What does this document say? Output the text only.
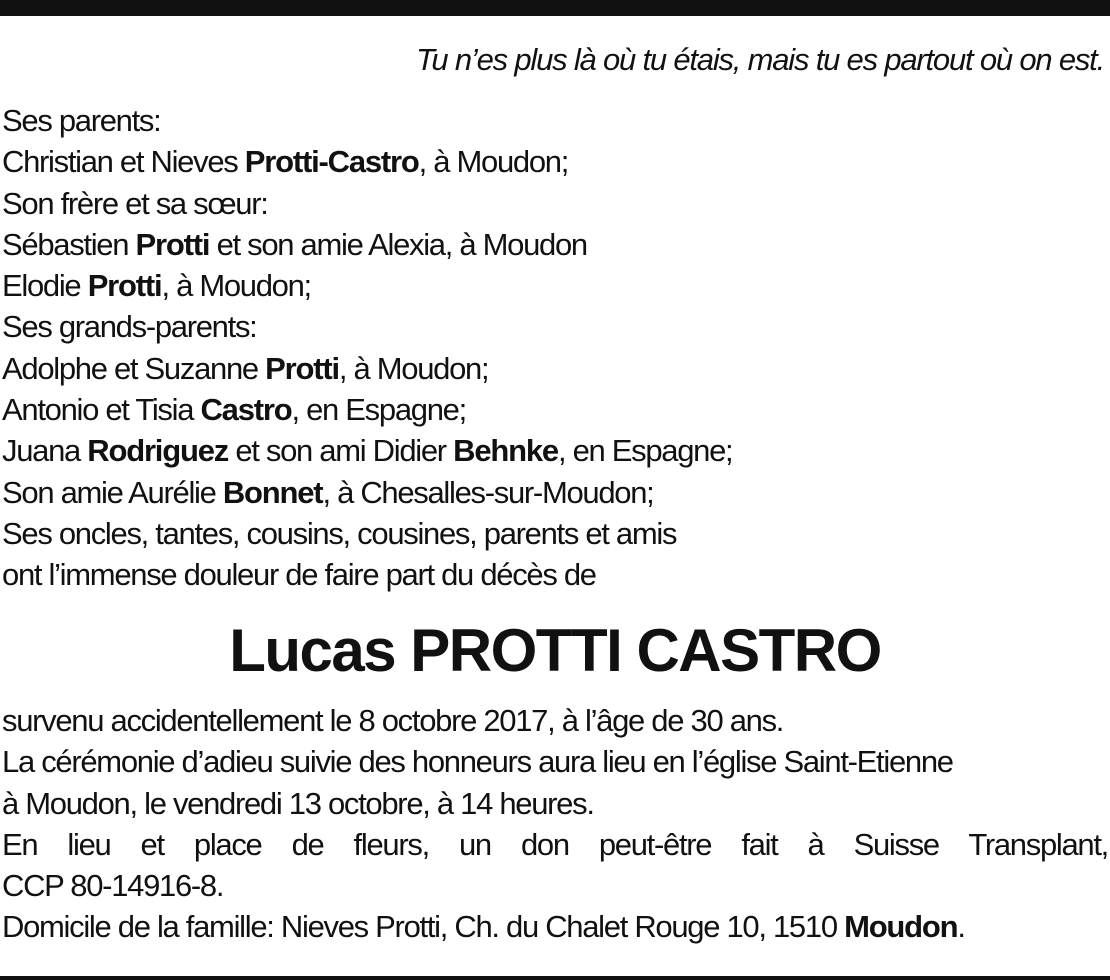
Tu n’es plus là où tu étais, mais tu es partout où on est.
Ses parents:
Christian et Nieves Protti-Castro, à Moudon;
Son frère et sa sœur:
Sébastien Protti et son amie Alexia, à Moudon
Elodie Protti, à Moudon;
Ses grands-parents:
Adolphe et Suzanne Protti, à Moudon;
Antonio et Tisia Castro, en Espagne;
Juana Rodriguez et son ami Didier Behnke, en Espagne;
Son amie Aurélie Bonnet, à Chesalles-sur-Moudon;
Ses oncles, tantes, cousins, cousines, parents et amis
ont l’immense douleur de faire part du décès de
Lucas PROTTI CASTRO
survenu accidentellement le 8 octobre 2017, à l’âge de 30 ans.
La cérémonie d’adieu suivie des honneurs aura lieu en l’église Saint-Etienne
à Moudon, le vendredi 13 octobre, à 14 heures.
En lieu et place de fleurs, un don peut-être fait à Suisse Transplant,
CCP 80-14916-8.
Domicile de la famille: Nieves Protti, Ch. du Chalet Rouge 10, 1510 Moudon.
